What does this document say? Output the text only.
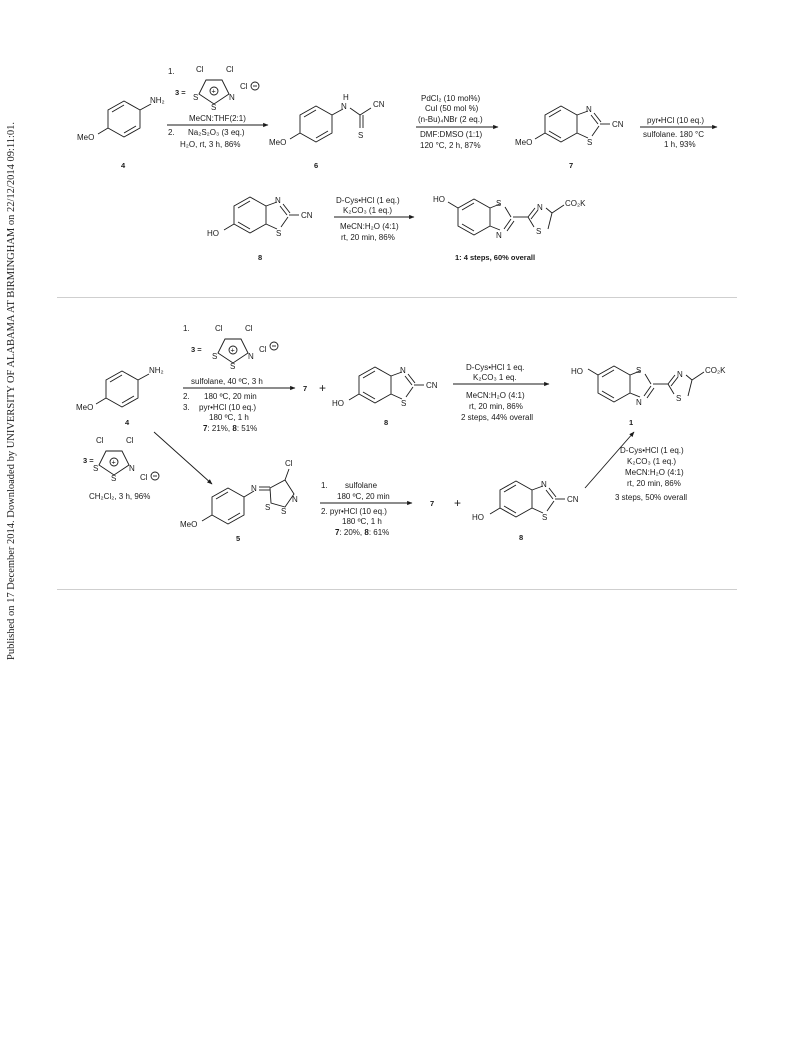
Published on 17 December 2014. Downloaded by UNIVERSITY OF ALABAMA AT BIRMINGHAM on 22/12/2014 09:11:01.
NH₂
MeO
4
1.
3 =	+
Cl	Cl
S
S
N
Cl
MeCN:THF(2:1)
2. Na₂S₂O₃ (3 eq.)
H₂O, rt, 3 h, 86%
N
H
CN
S
MeO
6
PdCl₂ (10 mol%)
CuI (50 mol %)
(n-Bu)₄NBr (2 eq.)
DMF:DMSO (1:1)
120 °C, 2 h, 87%
N
S
CN
MeO
7
pyr•HCl (10 eq.)
sulfolane. 180 °C
1 h, 93%
N
S
CN
HO
8
D-Cys•HCl (1 eq.)
K₂CO₃ (1 eq.)
MeCN:H₂O (4:1)
rt, 20 min, 86%
S
N
N
S
CO₂K
HO
1: 4 steps, 60% overall
NH₂
MeO
4
1.
3 =	+
Cl	Cl
S
S
N
Cl
sulfolane, 40 ºC, 3 h
2. 180 ºC, 20 min
3. pyr•HCl (10 eq.)
180 ºC, 1 h
7: 21%, 8: 51%
7 +
N
S
CN
HO
8
D-Cys•HCl 1 eq.
K₂CO₃ 1 eq.
MeCN:H₂O (4:1)
rt, 20 min, 86%
2 steps, 44% overall
S
N
N
S
CO₂K
HO
1
3 = +
Cl	Cl
S
S
N
Cl
CH₂Cl₂, 3 h, 96%
N
Cl
N
S
S
MeO
5
1. sulfolane
180 ºC, 20 min
2. pyr•HCl (10 eq.)
180 ºC, 1 h
7: 20%, 8: 61%
7 +
N
S
CN
HO
8
D-Cys•HCl (1 eq.)
K₂CO₃ (1 eq.)
MeCN:H₂O (4:1)
rt, 20 min, 86%
3 steps, 50% overall
